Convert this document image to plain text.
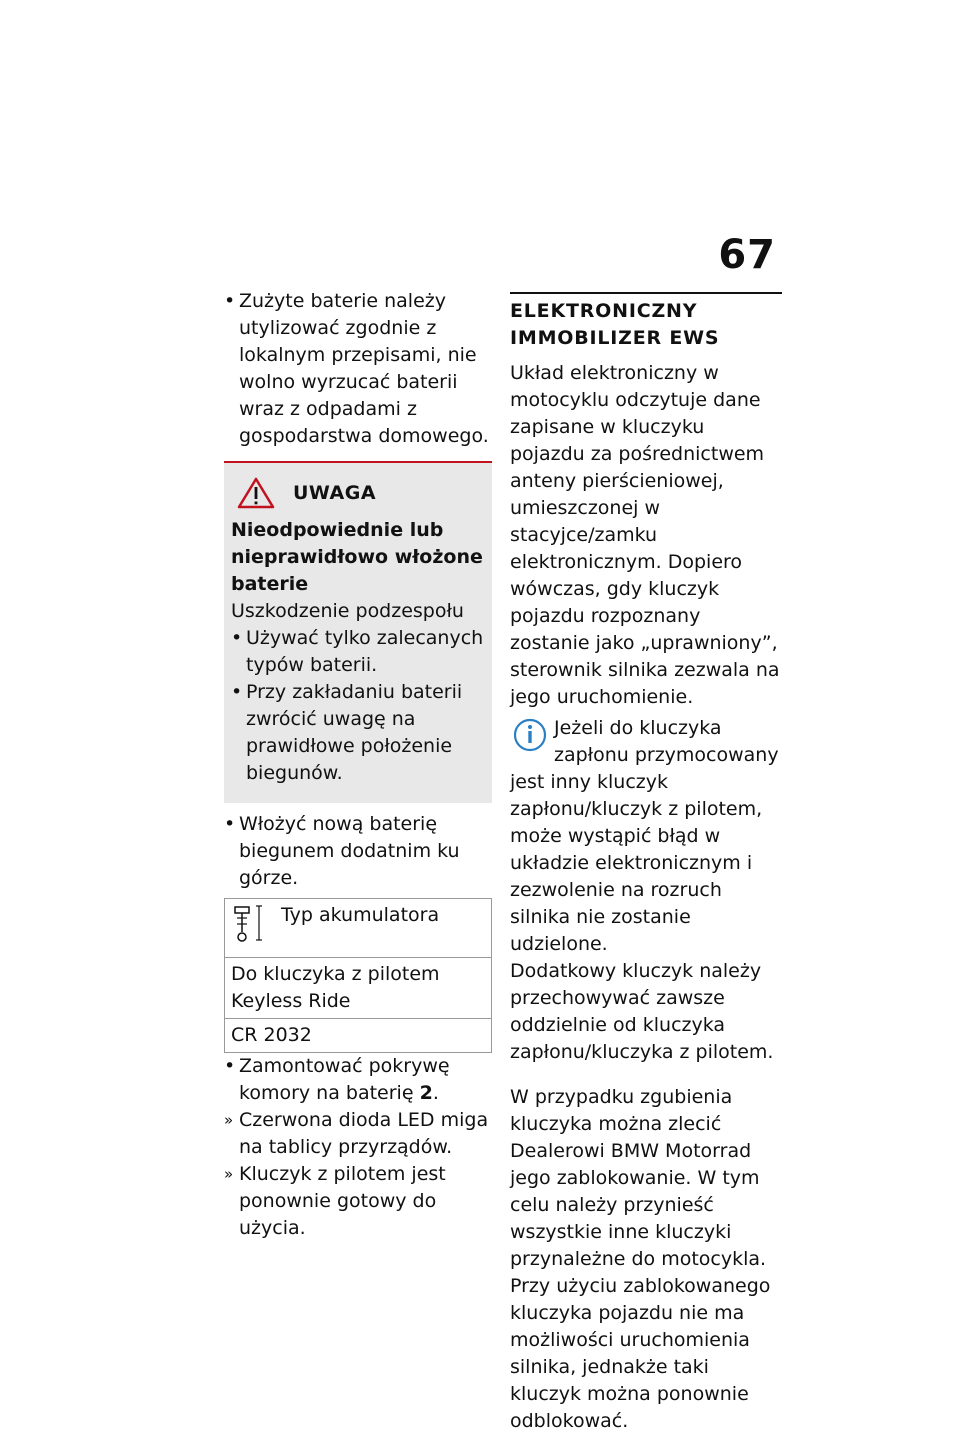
67
• Zużyte baterie należy utylizować zgodnie z lokalnym przepisami, nie wolno wyrzucać baterii wraz z odpadami z gospodarstwa domowego.
UWAGA

Nieodpowiednie lub nieprawidłowo włożone baterie

Uszkodzenie podzespołu

• Używać tylko zalecanych typów baterii.
• Przy zakładaniu baterii zwrócić uwagę na prawidłowe położenie biegunów.
• Włożyć nową baterię biegunem dodatnim ku górze.
Typ akumulatora
Do kluczyka z pilotem Keyless Ride
CR 2032
• Zamontować pokrywę komory na baterię 2.
» Czerwona dioda LED miga na tablicy przyrządów.
» Kluczyk z pilotem jest ponownie gotowy do użycia.
ELEKTRONICZNY IMMOBILIZER EWS

Układ elektroniczny w motocyklu odczytuje dane zapisane w kluczyku pojazdu za pośrednictwem anteny pierścieniowej, umieszczonej w stacyjce/zamku elektronicznym. Dopiero wówczas, gdy kluczyk pojazdu rozpoznany zostanie jako „uprawniony”, sterownik silnika zezwala na jego uruchomienie.

Jeżeli do kluczyka zapłonu przymocowany jest inny kluczyk zapłonu/kluczyk z pilotem, może wystąpić błąd w układzie elektronicznym i zezwolenie na rozruch silnika nie zostanie udzielone.

Dodatkowy kluczyk należy przechowywać zawsze oddzielnie od kluczyka zapłonu/kluczyka z pilotem.

W przypadku zgubienia kluczyka można zlecić Dealerowi BMW Motorrad jego zablokowanie. W tym celu należy przynieść wszystkie inne kluczyki przynależne do motocykla.

Przy użyciu zablokowanego kluczyka pojazdu nie ma możliwości uruchomienia silnika, jednakże taki kluczyk można ponownie odblokować.
